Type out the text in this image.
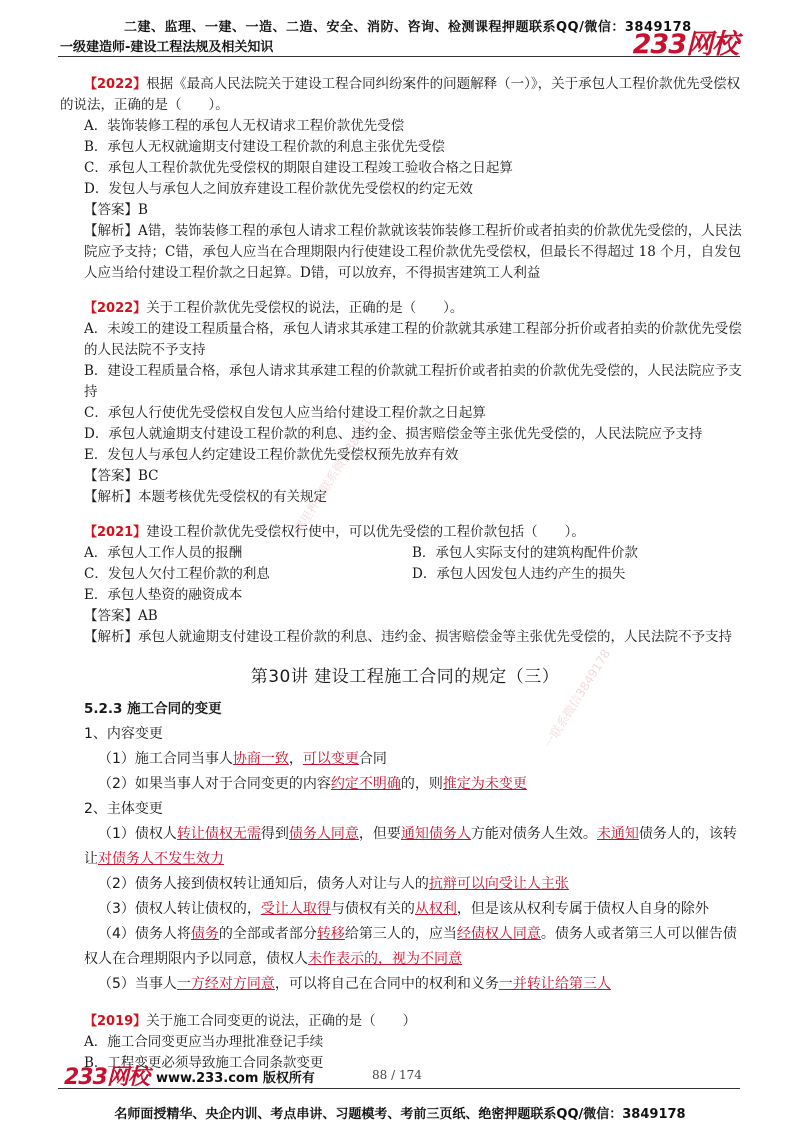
二建、监理、一建、一造、二造、安全、消防、咨询、检测课程押题联系QQ/微信：3849178
一级建造师-建设工程法规及相关知识	233网校
哪里押题联系微信3849178
一联系微信3849178

【2022】根据《最高人民法院关于建设工程合同纠纷案件的问题解释（一）》，关于承包人工程价款优先受偿权的说法，正确的是（　　）。

A．装饰装修工程的承包人无权请求工程价款优先受偿

B．承包人无权就逾期支付建设工程价款的利息主张优先受偿

C．承包人工程价款优先受偿权的期限自建设工程竣工验收合格之日起算

D．发包人与承包人之间放弃建设工程价款优先受偿权的约定无效

【答案】B

【解析】A错，装饰装修工程的承包人请求工程价款就该装饰装修工程折价或者拍卖的价款优先受偿的，人民法院应予支持；C错，承包人应当在合理期限内行使建设工程价款优先受偿权，但最长不得超过 18 个月，自发包人应当给付建设工程价款之日起算。D错，可以放弃，不得损害建筑工人利益

【2022】关于工程价款优先受偿权的说法，正确的是（　　）。

A．未竣工的建设工程质量合格，承包人请求其承建工程的价款就其承建工程部分折价或者拍卖的价款优先受偿的人民法院不予支持

B．建设工程质量合格，承包人请求其承建工程的价款就工程折价或者拍卖的价款优先受偿的，人民法院应予支持

C．承包人行使优先受偿权自发包人应当给付建设工程价款之日起算

D．承包人就逾期支付建设工程价款的利息、违约金、损害赔偿金等主张优先受偿的，人民法院应予支持

E．发包人与承包人约定建设工程价款优先受偿权预先放弃有效

【答案】BC

【解析】本题考核优先受偿权的有关规定

【2021】建设工程价款优先受偿权行使中，可以优先受偿的工程价款包括（　　）。

A．承包人工作人员的报酬	B．承包人实际支付的建筑构配件价款

C．发包人欠付工程价款的利息	D．承包人因发包人违约产生的损失

E．承包人垫资的融资成本

【答案】AB

【解析】承包人就逾期支付建设工程价款的利息、违约金、损害赔偿金等主张优先受偿的，人民法院不予支持

第30讲 建设工程施工合同的规定（三）

5.2.3 施工合同的变更

1、内容变更

（1）施工合同当事人协商一致，可以变更合同

（2）如果当事人对于合同变更的内容约定不明确的，则推定为未变更

2、主体变更

（1）债权人转让债权无需得到债务人同意，但要通知债务人方能对债务人生效。未通知债务人的，该转让对债务人不发生效力

（2）债务人接到债权转让通知后，债务人对让与人的抗辩可以向受让人主张

（3）债权人转让债权的，受让人取得与债权有关的从权利，但是该从权利专属于债权人自身的除外

（4）债务人将债务的全部或者部分转移给第三人的，应当经债权人同意。债务人或者第三人可以催告债权人在合理期限内予以同意，债权人未作表示的，视为不同意

（5）当事人一方经对方同意，可以将自己在合同中的权利和义务一并转让给第三人

【2019】关于施工合同变更的说法，正确的是（　　）

A．施工合同变更应当办理批准登记手续

B．工程变更必须导致施工合同条款变更

233网校 www.233.com 版权所有	88 / 174
名师面授精华、央企内训、考点串讲、习题模考、考前三页纸、绝密押题联系QQ/微信：3849178
